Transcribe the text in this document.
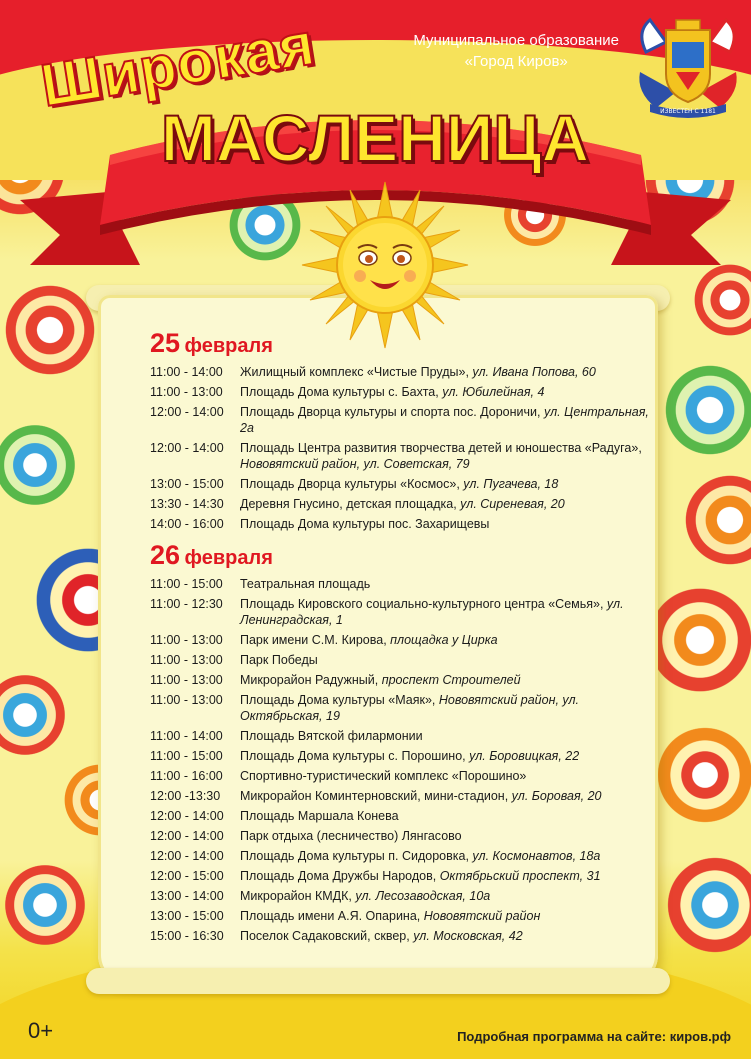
Муниципальное образование
«Город Киров»
ИЗВЕСТЕН С 1181
Широкая
МАСЛЕНИЦА
25 февраля
11:00 - 14:00	Жилищный комплекс «Чистые Пруды», ул. Ивана Попова, 60
11:00 - 13:00	Площадь Дома культуры с. Бахта, ул. Юбилейная, 4
12:00 - 14:00	Площадь Дворца культуры и спорта пос. Дороничи, ул. Центральная, 2а
12:00 - 14:00	Площадь Центра развития творчества детей и юношества «Радуга», Нововятский район, ул. Советская, 79
13:00 - 15:00	Площадь Дворца культуры «Космос», ул. Пугачева, 18
13:30 - 14:30	Деревня Гнусино, детская площадка, ул. Сиреневая, 20
14:00 - 16:00	Площадь Дома культуры пос. Захарищевы
26 февраля
11:00 - 15:00	Театральная площадь
11:00 - 12:30	Площадь Кировского социально-культурного центра «Семья», ул. Ленинградская, 1
11:00 - 13:00	Парк имени С.М. Кирова, площадка у Цирка
11:00 - 13:00	Парк Победы
11:00 - 13:00	Микрорайон Радужный, проспект Строителей
11:00 - 13:00	Площадь Дома культуры «Маяк», Нововятский район, ул. Октябрьская, 19
11:00 - 14:00	Площадь Вятской филармонии
11:00 - 15:00	Площадь Дома культуры с. Порошино, ул. Боровицкая, 22
11:00 - 16:00	Спортивно-туристический комплекс «Порошино»
12:00 -13:30	Микрорайон Коминтерновский, мини-стадион, ул. Боровая, 20
12:00 - 14:00	Площадь Маршала Конева
12:00 - 14:00	Парк отдыха (лесничество) Лянгасово
12:00 - 14:00	Площадь Дома культуры п. Сидоровка, ул. Космонавтов, 18а
12:00 - 15:00	Площадь Дома Дружбы Народов, Октябрьский проспект, 31
13:00 - 14:00	Микрорайон КМДК, ул. Лесозаводская, 10а
13:00 - 15:00	Площадь имени А.Я. Опарина, Нововятский район
15:00 - 16:30	Поселок Садаковский, сквер, ул. Московская, 42
0+	Подробная программа на сайте: киров.рф
